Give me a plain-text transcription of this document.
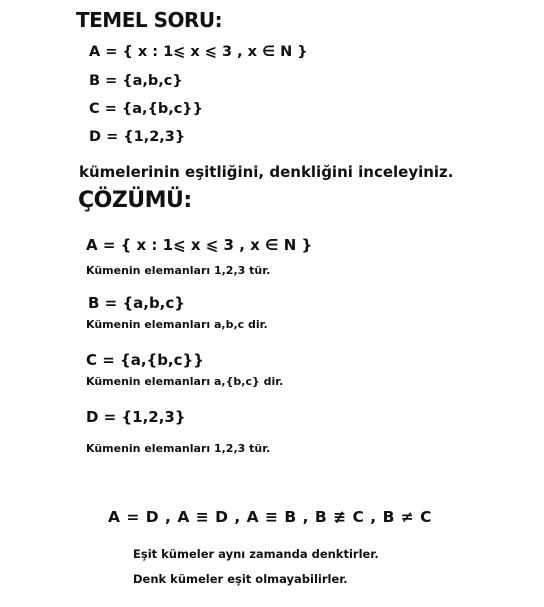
TEMEL SORU:
A = { x : 1⩽ x ⩽ 3 , x ∈ N }
B = {a,b,c}
C = {a,{b,c}}
D = {1,2,3}
kümelerinin eşitliğini, denkliğini inceleyiniz.
ÇÖZÜMÜ:
A = { x : 1⩽ x ⩽ 3 , x ∈ N }
Kümenin elemanları 1,2,3 tür.
B = {a,b,c}
Kümenin elemanları a,b,c dir.
C = {a,{b,c}}
Kümenin elemanları a,{b,c} dir.
D = {1,2,3}
Kümenin elemanları 1,2,3 tür.
A = D , A ≡ D , A ≡ B , B ≢ C , B ≠ C
Eşit kümeler aynı zamanda denktirler.
Denk kümeler eşit olmayabilirler.
